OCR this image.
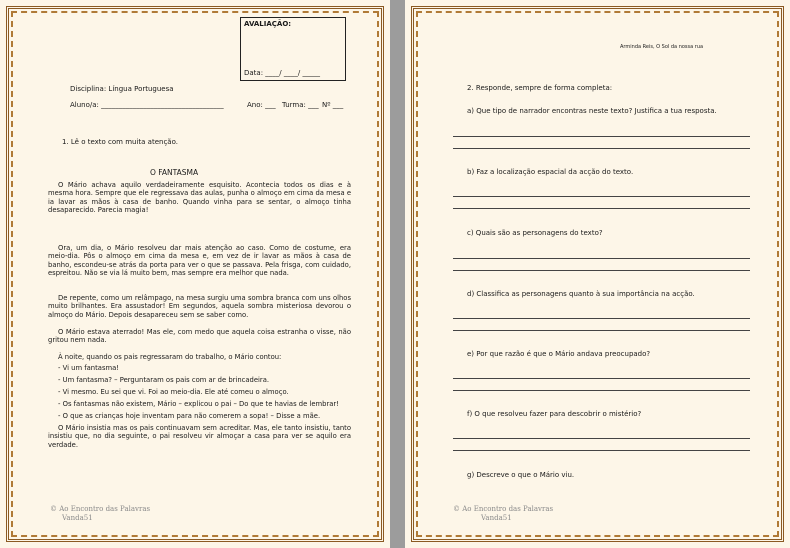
AVALIAÇÃO:
Data: ____/ ____/ _____
Disciplina: Língua Portuguesa
Aluno/a: ___________________________________	Ano: ___ Turma: ___ Nº ___
1. Lê o texto com muita atenção.
O FANTASMA
O Mário achava aquilo verdadeiramente esquisito. Acontecia todos os dias e à mesma hora. Sempre que ele regressava das aulas, punha o almoço em cima da mesa e ia lavar as mãos à casa de banho. Quando vinha para se sentar, o almoço tinha desaparecido. Parecia magia!
Ora, um dia, o Mário resolveu dar mais atenção ao caso. Como de costume, era meio-dia. Pôs o almoço em cima da mesa e, em vez de ir lavar as mãos à casa de banho, escondeu-se atrás da porta para ver o que se passava. Pela frisga, com cuidado, espreitou. Não se via lá muito bem, mas sempre era melhor que nada.
De repente, como um relâmpago, na mesa surgiu uma sombra branca com uns olhos muito brilhantes. Era assustador! Em segundos, aquela sombra misteriosa devorou o almoço do Mário. Depois desapareceu sem se saber como.
O Mário estava aterrado! Mas ele, com medo que aquela coisa estranha o visse, não gritou nem nada.
À noite, quando os pais regressaram do trabalho, o Mário contou:
- Vi um fantasma!
- Um fantasma? – Perguntaram os pais com ar de brincadeira.
- Vi mesmo. Eu sei que vi. Foi ao meio-dia. Ele até comeu o almoço.
- Os fantasmas não existem, Mário – explicou o pai – Do que te havias de lembrar!
- O que as crianças hoje inventam para não comerem a sopa! – Disse a mãe.
O Mário insistia mas os pais continuavam sem acreditar. Mas, ele tanto insistiu, tanto insistiu que, no dia seguinte, o pai resolveu vir almoçar a casa para ver se aquilo era verdade.
© Ao Encontro das Palavras
Vanda51
Arminda Reis, O Sol da nossa rua
2. Responde, sempre de forma completa:
a) Que tipo de narrador encontras neste texto? Justifica a tua resposta.
b) Faz a localização espacial da acção do texto.
c) Quais são as personagens do texto?
d) Classifica as personagens quanto à sua importância na acção.
e) Por que razão é que o Mário andava preocupado?
f) O que resolveu fazer para descobrir o mistério?
g) Descreve o que o Mário viu.
© Ao Encontro das Palavras
Vanda51
